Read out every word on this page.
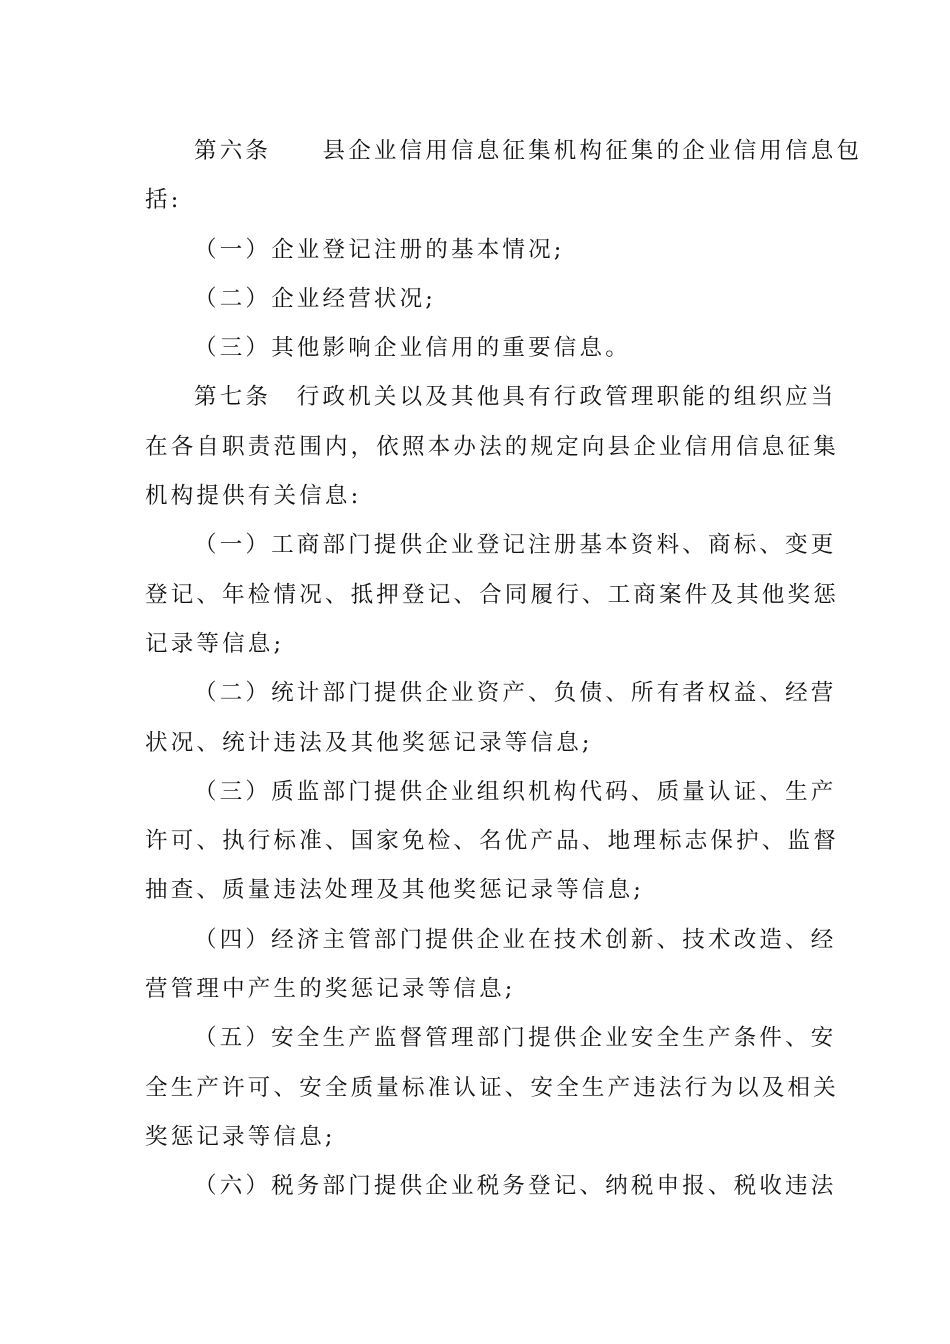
第六条　　县企业信用信息征集机构征集的企业信用信息包
括:
（一）企业登记注册的基本情况;
（二）企业经营状况;
（三）其他影响企业信用的重要信息。
第七条　行政机关以及其他具有行政管理职能的组织应当
在各自职责范围内，依照本办法的规定向县企业信用信息征集
机构提供有关信息:
（一）工商部门提供企业登记注册基本资料、商标、变更
登记、年检情况、抵押登记、合同履行、工商案件及其他奖惩
记录等信息;
（二）统计部门提供企业资产、负债、所有者权益、经营
状况、统计违法及其他奖惩记录等信息;
（三）质监部门提供企业组织机构代码、质量认证、生产
许可、执行标准、国家免检、名优产品、地理标志保护、监督
抽查、质量违法处理及其他奖惩记录等信息;
（四）经济主管部门提供企业在技术创新、技术改造、经
营管理中产生的奖惩记录等信息;
（五）安全生产监督管理部门提供企业安全生产条件、安
全生产许可、安全质量标准认证、安全生产违法行为以及相关
奖惩记录等信息;
（六）税务部门提供企业税务登记、纳税申报、税收违法
